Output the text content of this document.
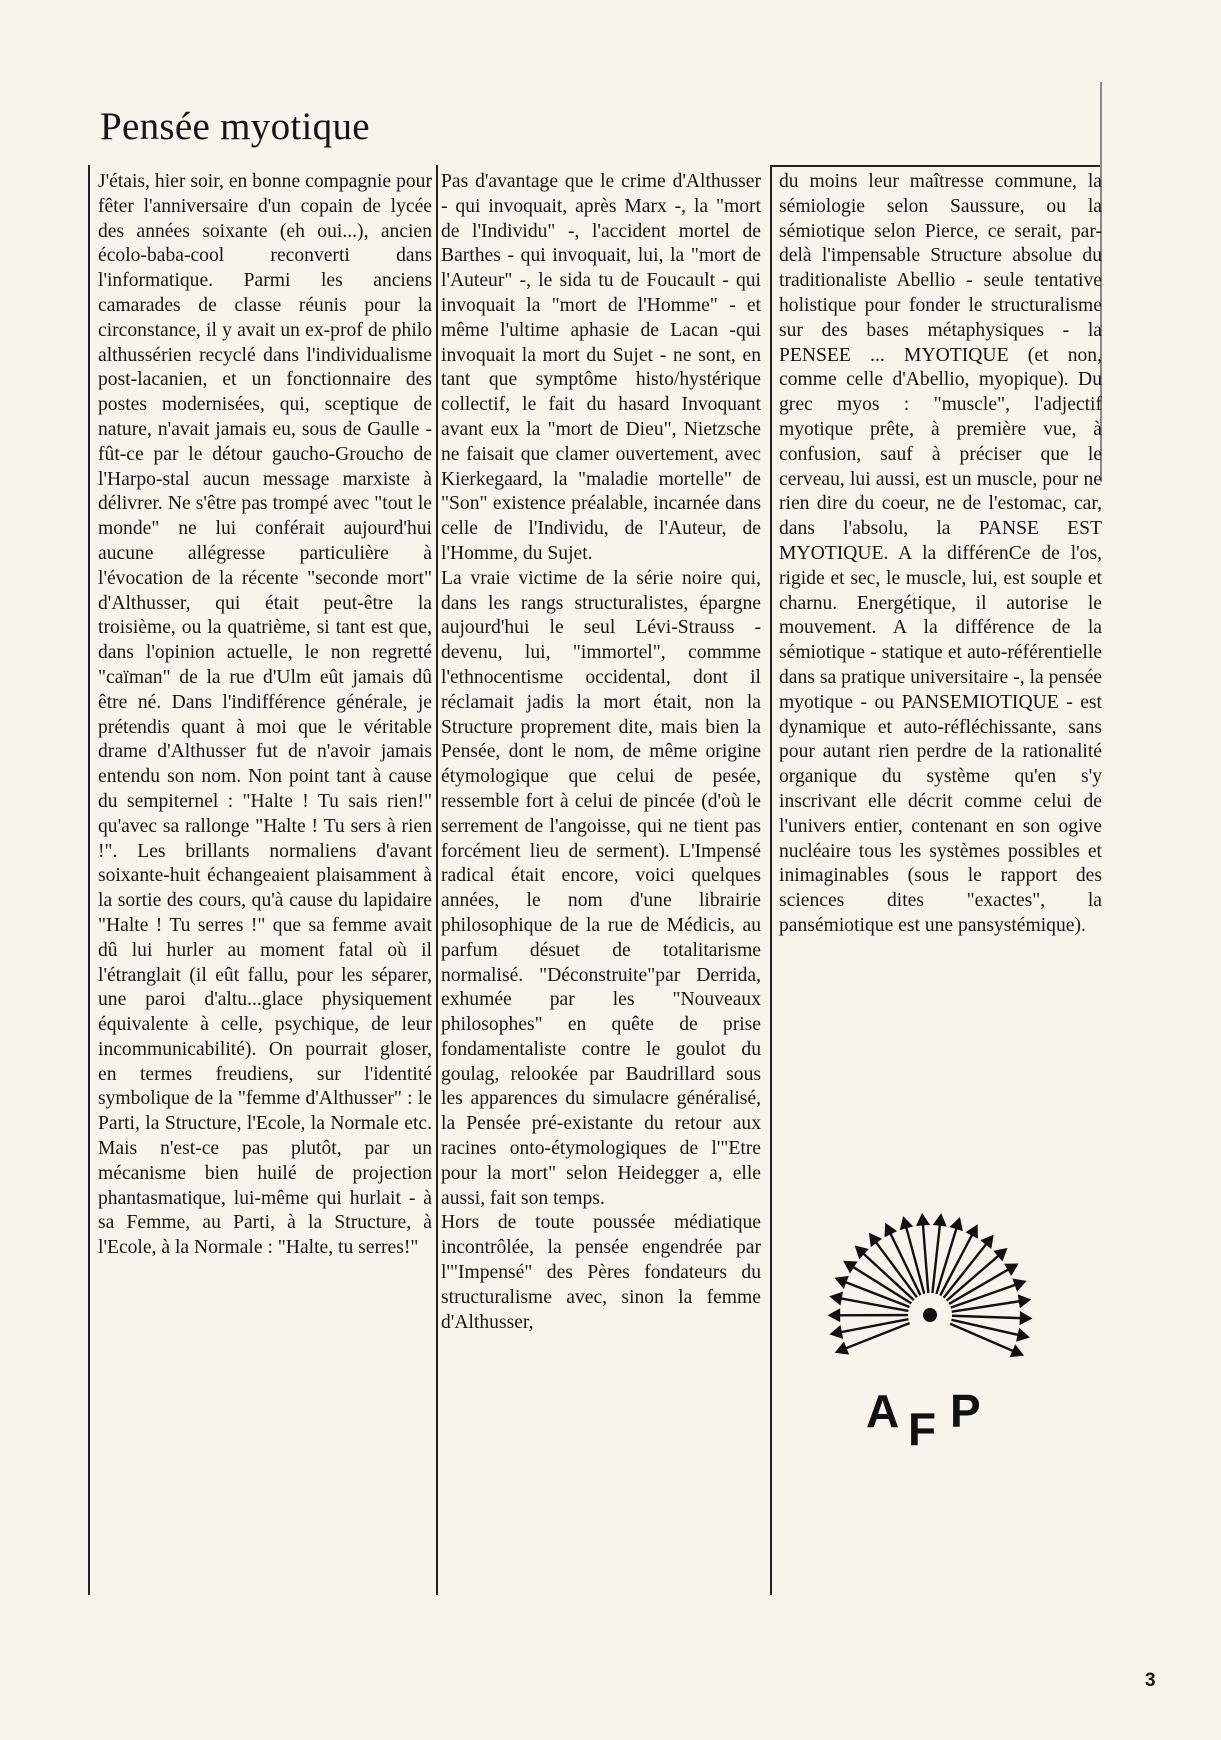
Pensée myotique

J'étais, hier soir, en bonne compagnie pour fêter l'anniversaire d'un copain de lycée des années soixante (eh oui...), ancien écolo-baba-cool reconverti dans l'informatique. Parmi les anciens camarades de classe réunis pour la circonstance, il y avait un ex-prof de philo althussérien recyclé dans l'individualisme post-lacanien, et un fonctionnaire des postes modernisées, qui, sceptique de nature, n'avait jamais eu, sous de Gaulle - fût-ce par le détour gaucho-Groucho de l'Harpo-stal aucun message marxiste à délivrer. Ne s'être pas trompé avec "tout le monde" ne lui conférait aujourd'hui aucune allégresse particulière à l'évocation de la récente "seconde mort" d'Althusser, qui était peut-être la troisième, ou la quatrième, si tant est que, dans l'opinion actuelle, le non regretté "caïman" de la rue d'Ulm eût jamais dû être né. Dans l'indifférence générale, je prétendis quant à moi que le véritable drame d'Althusser fut de n'avoir jamais entendu son nom. Non point tant à cause du sempiternel : "Halte ! Tu sais rien!" qu'avec sa rallonge "Halte ! Tu sers à rien !". Les brillants normaliens d'avant soixante-huit échangeaient plaisamment à la sortie des cours, qu'à cause du lapidaire "Halte ! Tu serres !" que sa femme avait dû lui hurler au moment fatal où il l'étranglait (il eût fallu, pour les séparer, une paroi d'altu...glace physiquement équivalente à celle, psychique, de leur incommunicabilité). On pourrait gloser, en termes freudiens, sur l'identité symbolique de la "femme d'Althusser" : le Parti, la Structure, l'Ecole, la Normale etc. Mais n'est-ce pas plutôt, par un mécanisme bien huilé de projection phantasmatique, lui-même qui hurlait - à sa Femme, au Parti, à la Structure, à l'Ecole, à la Normale : "Halte, tu serres!"

Pas d'avantage que le crime d'Althusser - qui invoquait, après Marx -, la "mort de l'Individu" -, l'accident mortel de Barthes - qui invoquait, lui, la "mort de l'Auteur" -, le sida tu de Foucault - qui invoquait la "mort de l'Homme" - et même l'ultime aphasie de Lacan -qui invoquait la mort du Sujet - ne sont, en tant que symptôme histo/hystérique collectif, le fait du hasard Invoquant avant eux la "mort de Dieu", Nietzsche ne faisait que clamer ouvertement, avec Kierkegaard, la "maladie mortelle" de "Son" existence préalable, incarnée dans celle de l'Individu, de l'Auteur, de l'Homme, du Sujet.

La vraie victime de la série noire qui, dans les rangs structuralistes, épargne aujourd'hui le seul Lévi-Strauss - devenu, lui, "immortel", commme l'ethnocentisme occidental, dont il réclamait jadis la mort était, non la Structure proprement dite, mais bien la Pensée, dont le nom, de même origine étymologique que celui de pesée, ressemble fort à celui de pincée (d'où le serrement de l'angoisse, qui ne tient pas forcément lieu de serment). L'Impensé radical était encore, voici quelques années, le nom d'une librairie philosophique de la rue de Médicis, au parfum désuet de totalitarisme normalisé. "Déconstruite"par Derrida, exhumée par les "Nouveaux philosophes" en quête de prise fondamentaliste contre le goulot du goulag, relookée par Baudrillard sous les apparences du simulacre généralisé, la Pensée pré-existante du retour aux racines onto-étymologiques de l'"Etre pour la mort" selon Heidegger a, elle aussi, fait son temps.

Hors de toute poussée médiatique incontrôlée, la pensée engendrée par l'"Impensé" des Pères fondateurs du structuralisme avec, sinon la femme d'Althusser,

du moins leur maîtresse commune, la sémiologie selon Saussure, ou la sémiotique selon Pierce, ce serait, par-delà l'impensable Structure absolue du traditionaliste Abellio - seule tentative holistique pour fonder le structuralisme sur des bases métaphysiques - la PENSEE ... MYOTIQUE (et non, comme celle d'Abellio, myopique). Du grec myos : "muscle", l'adjectif myotique prête, à première vue, à confusion, sauf à préciser que le cerveau, lui aussi, est un muscle, pour ne rien dire du coeur, ne de l'estomac, car, dans l'absolu, la PANSE EST MYOTIQUE. A la différenCe de l'os, rigide et sec, le muscle, lui, est souple et charnu. Energétique, il autorise le mouvement. A la différence de la sémiotique - statique et auto-référentielle dans sa pratique universitaire -, la pensée myotique - ou PANSEMIOTIQUE - est dynamique et auto-réfléchissante, sans pour autant rien perdre de la rationalité organique du système qu'en s'y inscrivant elle décrit comme celui de l'univers entier, contenant en son ogive nucléaire tous les systèmes possibles et inimaginables (sous le rapport des sciences dites "exactes", la pansémiotique est une pansystémique).

A F P
3
